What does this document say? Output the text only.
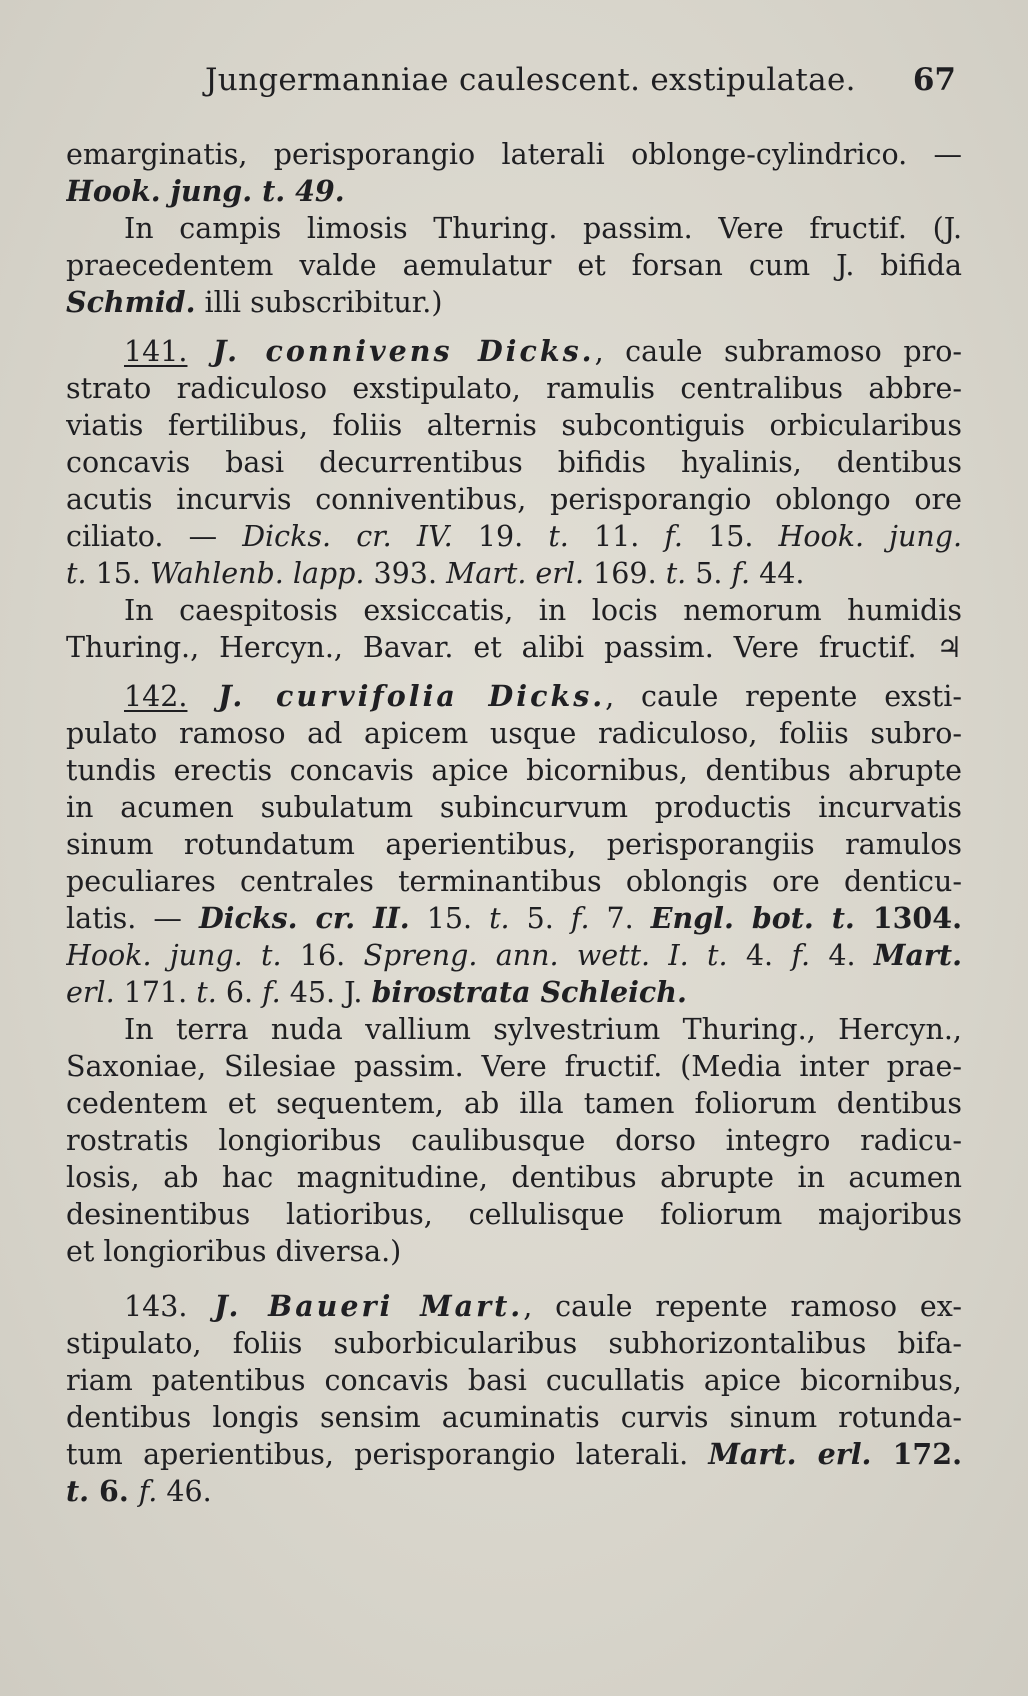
Jungermanniae caulescent. exstipulatae. 67
emarginatis, perisporangio laterali oblonge-cylindrico. —
Hook. jung. t. 49.
In campis limosis Thuring. passim. Vere fructif. (J.
praecedentem valde aemulatur et forsan cum J. bifida
Schmid. illi subscribitur.)
141. J. connivens Dicks., caule subramoso pro-
strato radiculoso exstipulato, ramulis centralibus abbre-
viatis fertilibus, foliis alternis subcontiguis orbicularibus
concavis basi decurrentibus bifidis hyalinis, dentibus
acutis incurvis conniventibus, perisporangio oblongo ore
ciliato. — Dicks. cr. IV. 19. t. 11. f. 15. Hook. jung.
t. 15. Wahlenb. lapp. 393. Mart. erl. 169. t. 5. f. 44.
In caespitosis exsiccatis, in locis nemorum humidis
Thuring., Hercyn., Bavar. et alibi passim. Vere fructif. ♃
142. J. curvifolia Dicks., caule repente exsti-
pulato ramoso ad apicem usque radiculoso, foliis subro-
tundis erectis concavis apice bicornibus, dentibus abrupte
in acumen subulatum subincurvum productis incurvatis
sinum rotundatum aperientibus, perisporangiis ramulos
peculiares centrales terminantibus oblongis ore denticu-
latis. — Dicks. cr. II. 15. t. 5. f. 7. Engl. bot. t. 1304.
Hook. jung. t. 16. Spreng. ann. wett. I. t. 4. f. 4. Mart.
erl. 171. t. 6. f. 45. J. birostrata Schleich.
In terra nuda vallium sylvestrium Thuring., Hercyn.,
Saxoniae, Silesiae passim. Vere fructif. (Media inter prae-
cedentem et sequentem, ab illa tamen foliorum dentibus
rostratis longioribus caulibusque dorso integro radicu-
losis, ab hac magnitudine, dentibus abrupte in acumen
desinentibus latioribus, cellulisque foliorum majoribus
et longioribus diversa.)
143. J. Baueri Mart., caule repente ramoso ex-
stipulato, foliis suborbicularibus subhorizontalibus bifa-
riam patentibus concavis basi cucullatis apice bicornibus,
dentibus longis sensim acuminatis curvis sinum rotunda-
tum aperientibus, perisporangio laterali. Mart. erl. 172.
t. 6. f. 46.
